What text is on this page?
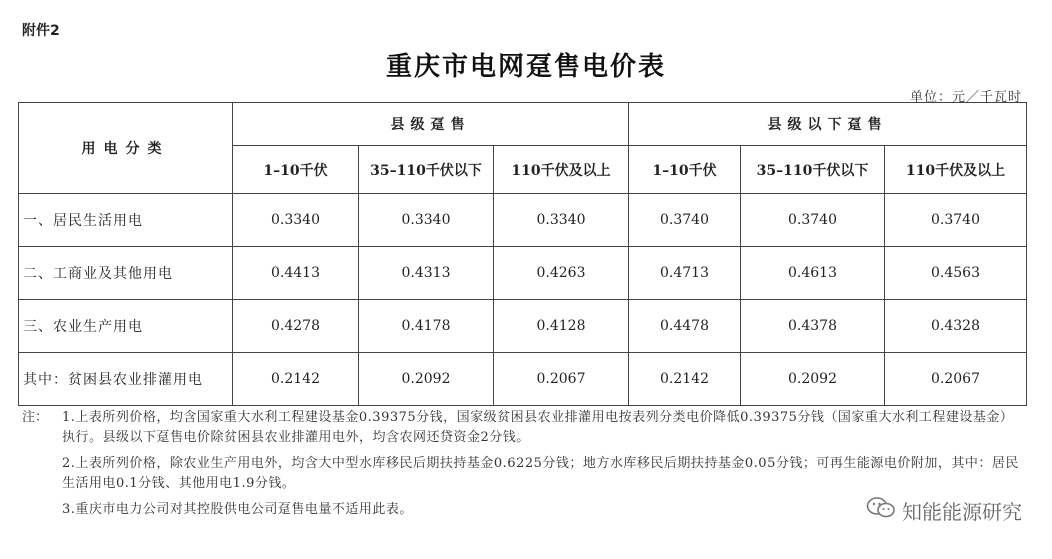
附件2
重庆市电网趸售电价表
单位：元／千瓦时
用电分类	县级趸售			县级以下趸售		
	1–10千伏	35–110千伏以下	110千伏及以上	1–10千伏	35–110千伏以下	110千伏及以上
一、居民生活用电	0.3340	0.3340	0.3340	0.3740	0.3740	0.3740
二、工商业及其他用电	0.4413	0.4313	0.4263	0.4713	0.4613	0.4563
三、农业生产用电	0.4278	0.4178	0.4128	0.4478	0.4378	0.4328
其中：贫困县农业排灌用电	0.2142	0.2092	0.2067	0.2142	0.2092	0.2067
注： 1.上表所列价格，均含国家重大水利工程建设基金0.39375分钱，国家级贫困县农业排灌用电按表列分类电价降低0.39375分钱（国家重大水利工程建设基金）执行。县级以下趸售电价除贫困县农业排灌用电外，均含农网还贷资金2分钱。
2.上表所列价格，除农业生产用电外，均含大中型水库移民后期扶持基金0.6225分钱；地方水库移民后期扶持基金0.05分钱；可再生能源电价附加，其中：居民生活用电0.1分钱、其他用电1.9分钱。
3.重庆市电力公司对其控股供电公司趸售电量不适用此表。	知能能源研究
